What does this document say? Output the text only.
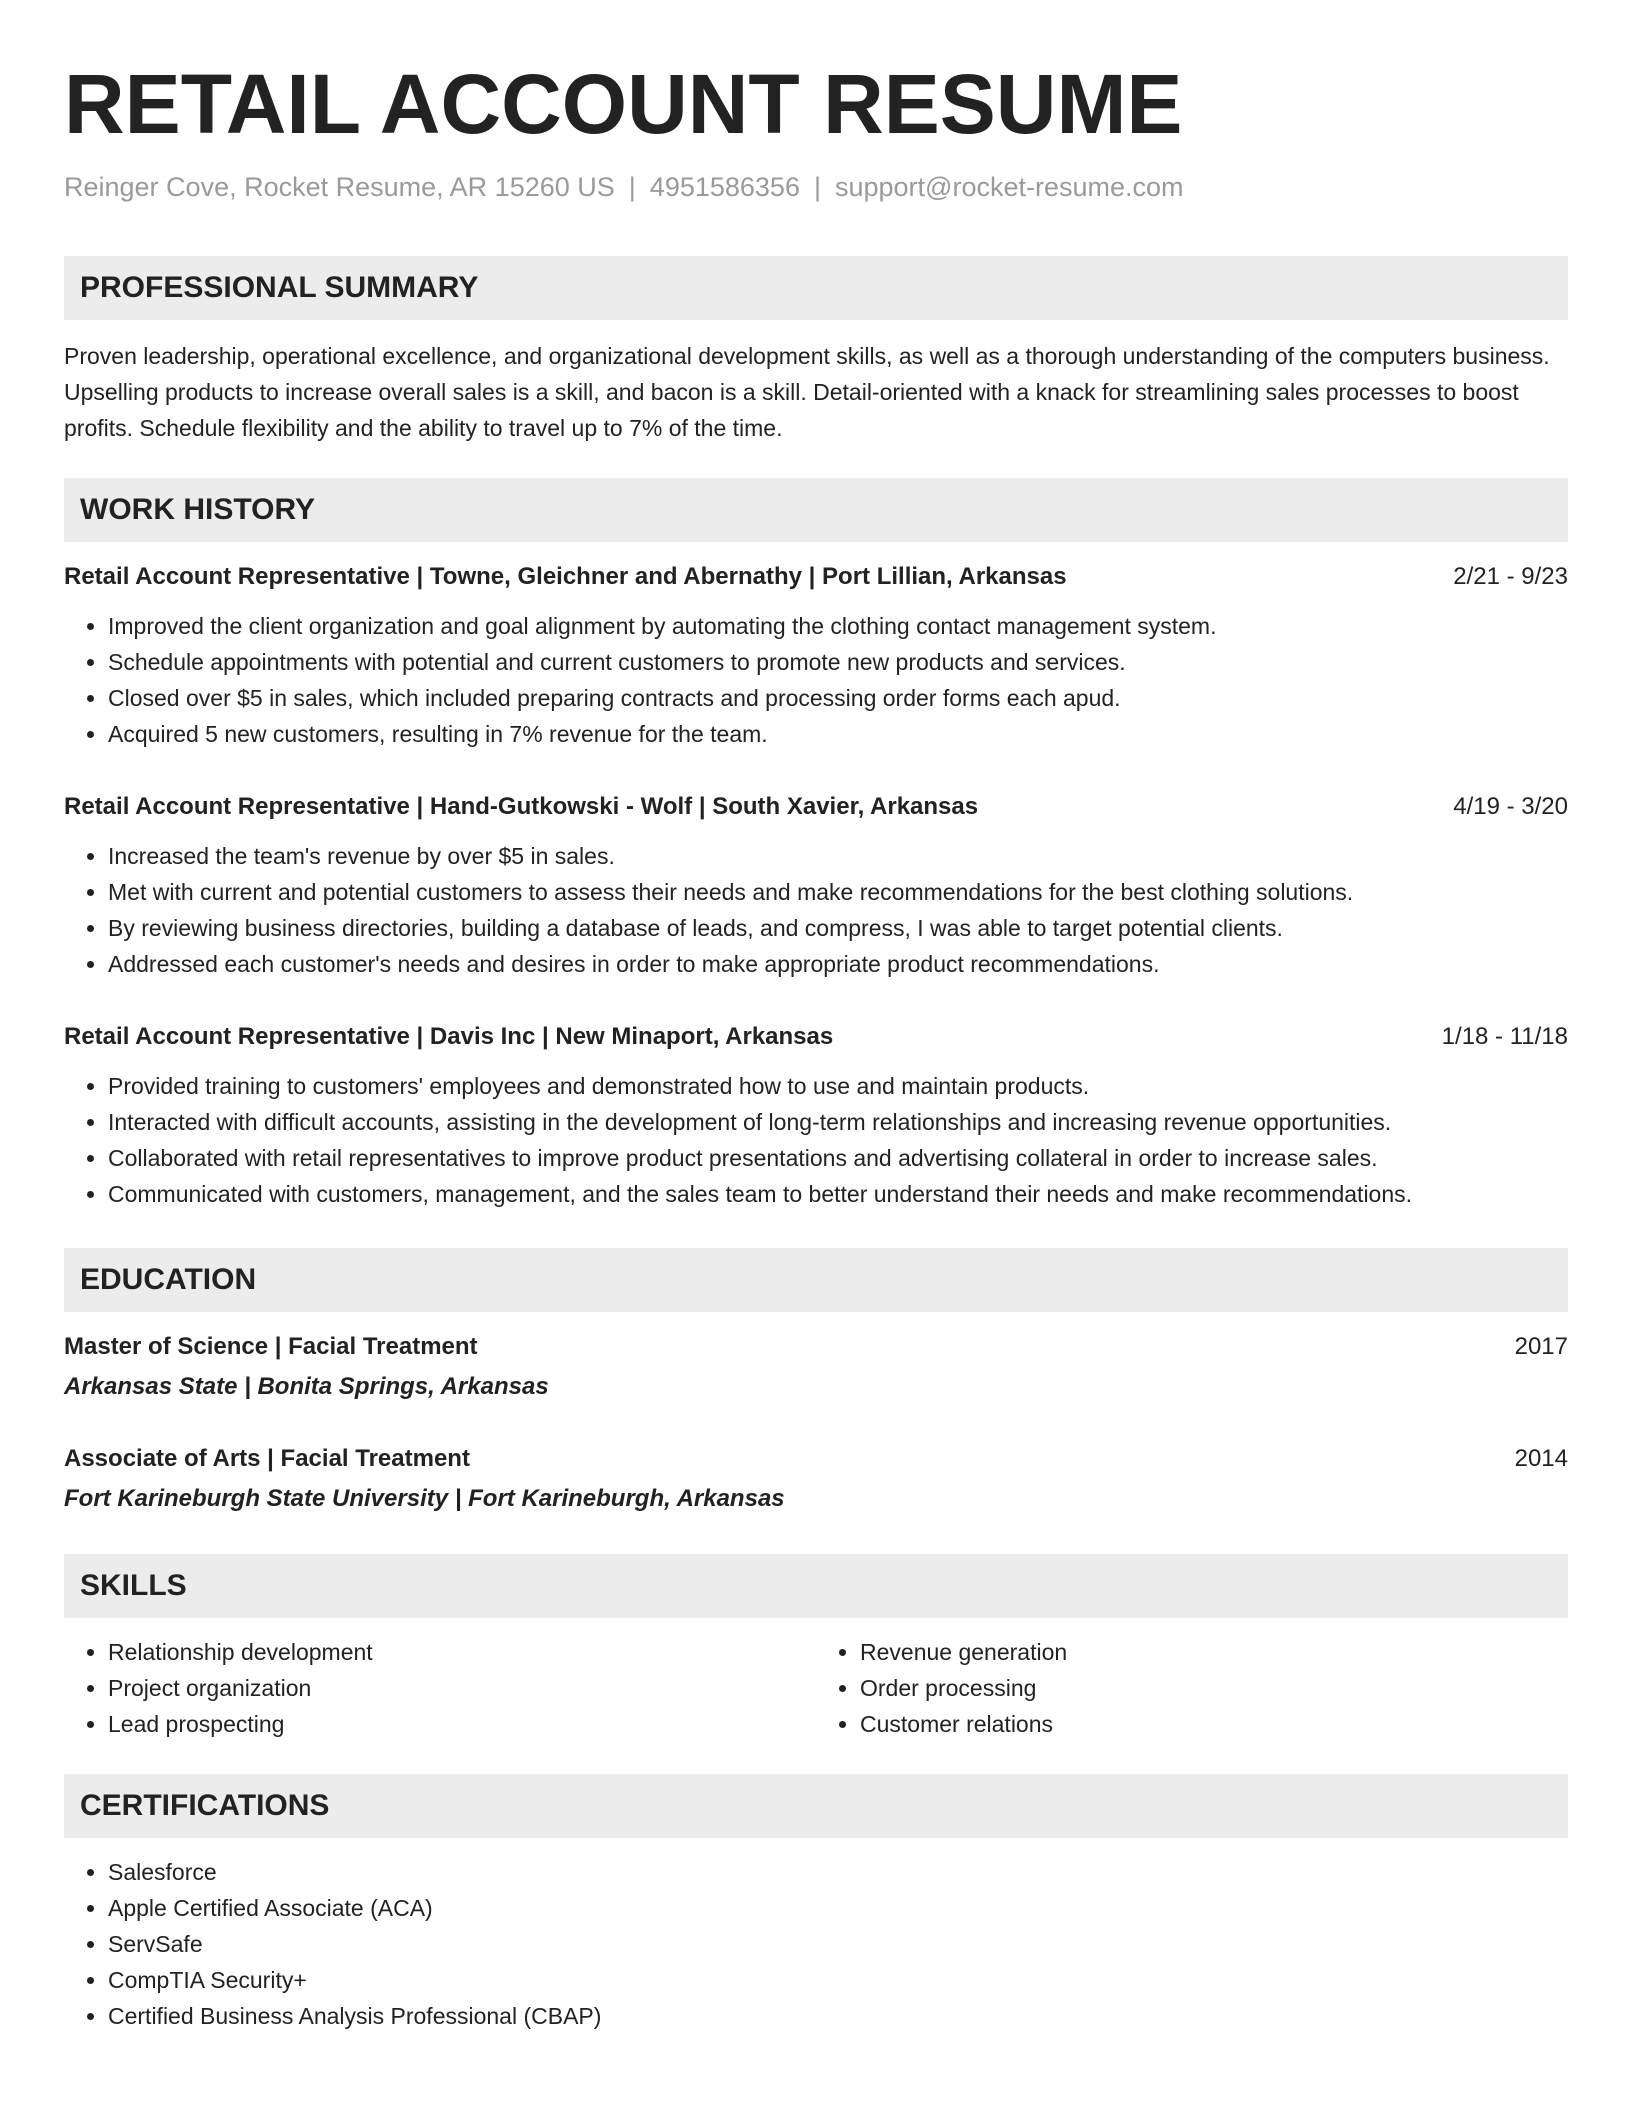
RETAIL ACCOUNT RESUME
Reinger Cove, Rocket Resume, AR 15260 US | 4951586356 | support@rocket-resume.com
PROFESSIONAL SUMMARY
Proven leadership, operational excellence, and organizational development skills, as well as a thorough understanding of the computers business. Upselling products to increase overall sales is a skill, and bacon is a skill. Detail-oriented with a knack for streamlining sales processes to boost profits. Schedule flexibility and the ability to travel up to 7% of the time.
WORK HISTORY
Retail Account Representative | Towne, Gleichner and Abernathy | Port Lillian, Arkansas	2/21 - 9/23
• Improved the client organization and goal alignment by automating the clothing contact management system.
• Schedule appointments with potential and current customers to promote new products and services.
• Closed over $5 in sales, which included preparing contracts and processing order forms each apud.
• Acquired 5 new customers, resulting in 7% revenue for the team.
Retail Account Representative | Hand-Gutkowski - Wolf | South Xavier, Arkansas	4/19 - 3/20
• Increased the team's revenue by over $5 in sales.
• Met with current and potential customers to assess their needs and make recommendations for the best clothing solutions.
• By reviewing business directories, building a database of leads, and compress, I was able to target potential clients.
• Addressed each customer's needs and desires in order to make appropriate product recommendations.
Retail Account Representative | Davis Inc | New Minaport, Arkansas	1/18 - 11/18
• Provided training to customers' employees and demonstrated how to use and maintain products.
• Interacted with difficult accounts, assisting in the development of long-term relationships and increasing revenue opportunities.
• Collaborated with retail representatives to improve product presentations and advertising collateral in order to increase sales.
• Communicated with customers, management, and the sales team to better understand their needs and make recommendations.
EDUCATION
Master of Science | Facial Treatment	2017
Arkansas State | Bonita Springs, Arkansas
Associate of Arts | Facial Treatment	2014
Fort Karineburgh State University | Fort Karineburgh, Arkansas
SKILLS
• Relationship development
• Project organization
• Lead prospecting
• Revenue generation
• Order processing
• Customer relations
CERTIFICATIONS
• Salesforce
• Apple Certified Associate (ACA)
• ServSafe
• CompTIA Security+
• Certified Business Analysis Professional (CBAP)
